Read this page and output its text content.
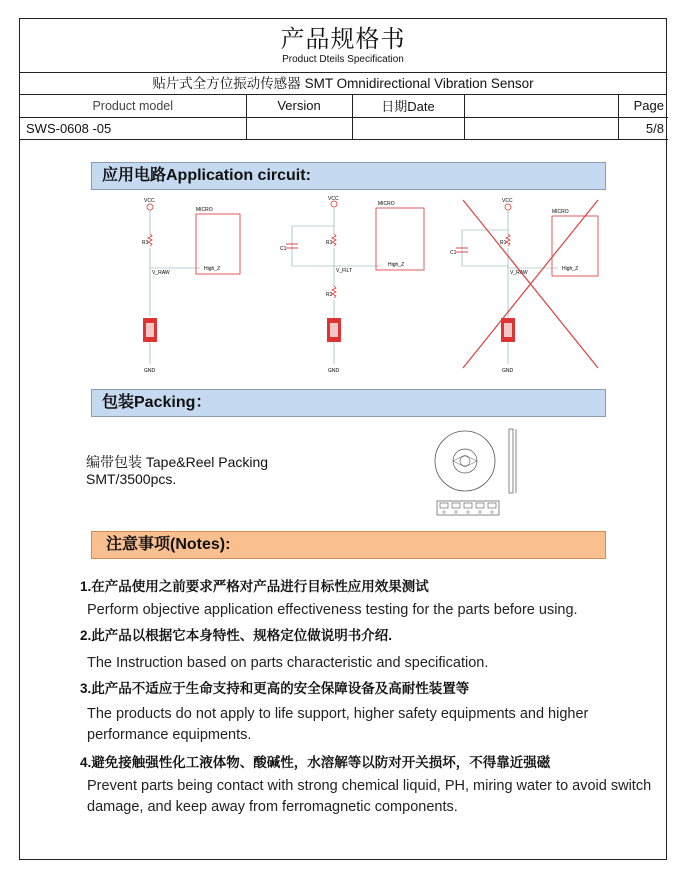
产品规格书
Product Dteils Specification
贴片式全方位振动传感器 SMT Omnidirectional Vibration Sensor
Product model	Version	日期Date		Page
SWS-0608 -05				5/8
应用电路Application circuit:
VCC
R1
V_RAW
MICRO
High_Z
GND
VCC
C1
R1
V_FILT
R2
MICRO
High_Z
GND
VCC
C1
R1
V_RAW
MICRO
High_Z
GND
包装Packing：
编带包装 Tape&Reel Packing
SMT/3500pcs.
注意事项(Notes):

1.在产品使用之前要求严格对产品进行目标性应用效果测试

Perform objective application effectiveness testing for the parts before using.

2.此产品以根据它本身特性、规格定位做说明书介绍.

The Instruction based on parts characteristic and specification.

3.此产品不适应于生命支持和更高的安全保障设备及高耐性装置等

The products do not apply to life support, higher safety equipments and higher performance equipments.

4.避免接触强性化工液体物、酸碱性，水溶解等以防对开关损坏，不得靠近强磁

Prevent parts being contact with strong chemical liquid, PH, miring water to avoid switch damage, and keep away from ferromagnetic components.
